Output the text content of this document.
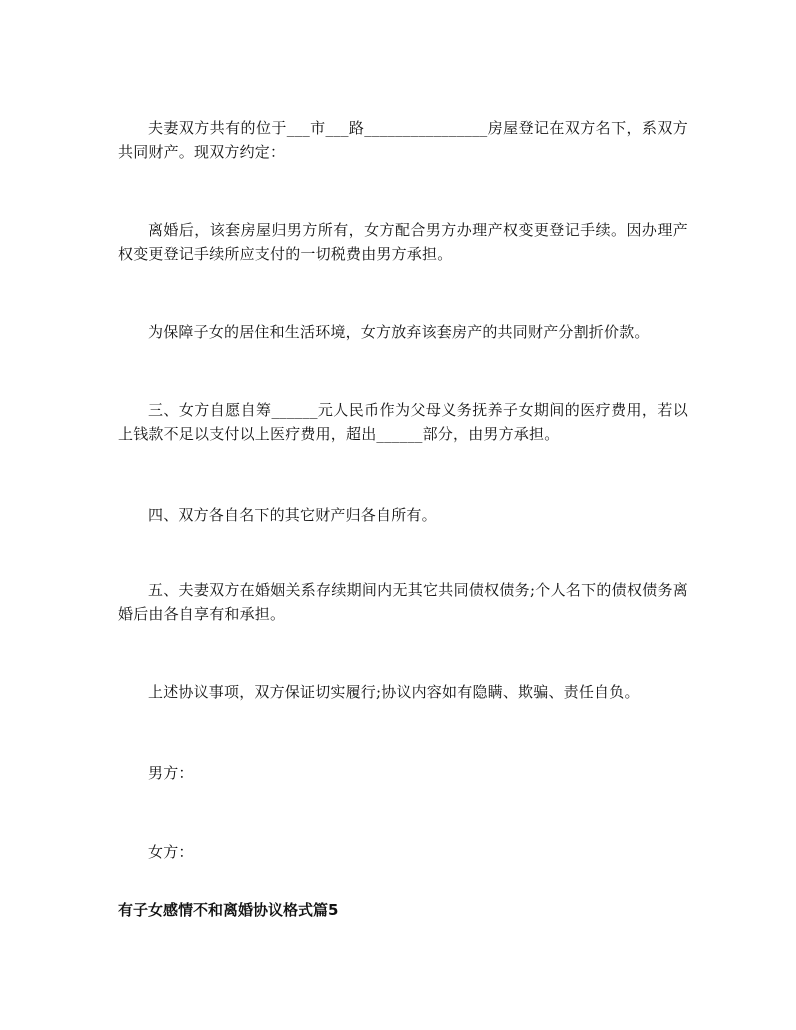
夫妻双方共有的位于___市___路________________房屋登记在双方名下，系双方共同财产。现双方约定：

离婚后，该套房屋归男方所有，女方配合男方办理产权变更登记手续。因办理产权变更登记手续所应支付的一切税费由男方承担。

为保障子女的居住和生活环境，女方放弃该套房产的共同财产分割折价款。

三、女方自愿自筹______元人民币作为父母义务抚养子女期间的医疗费用，若以上钱款不足以支付以上医疗费用，超出______部分，由男方承担。

四、双方各自名下的其它财产归各自所有。

五、夫妻双方在婚姻关系存续期间内无其它共同债权债务;个人名下的债权债务离婚后由各自享有和承担。

上述协议事项，双方保证切实履行;协议内容如有隐瞒、欺骗、责任自负。

男方：

女方：

有子女感情不和离婚协议格式篇5
